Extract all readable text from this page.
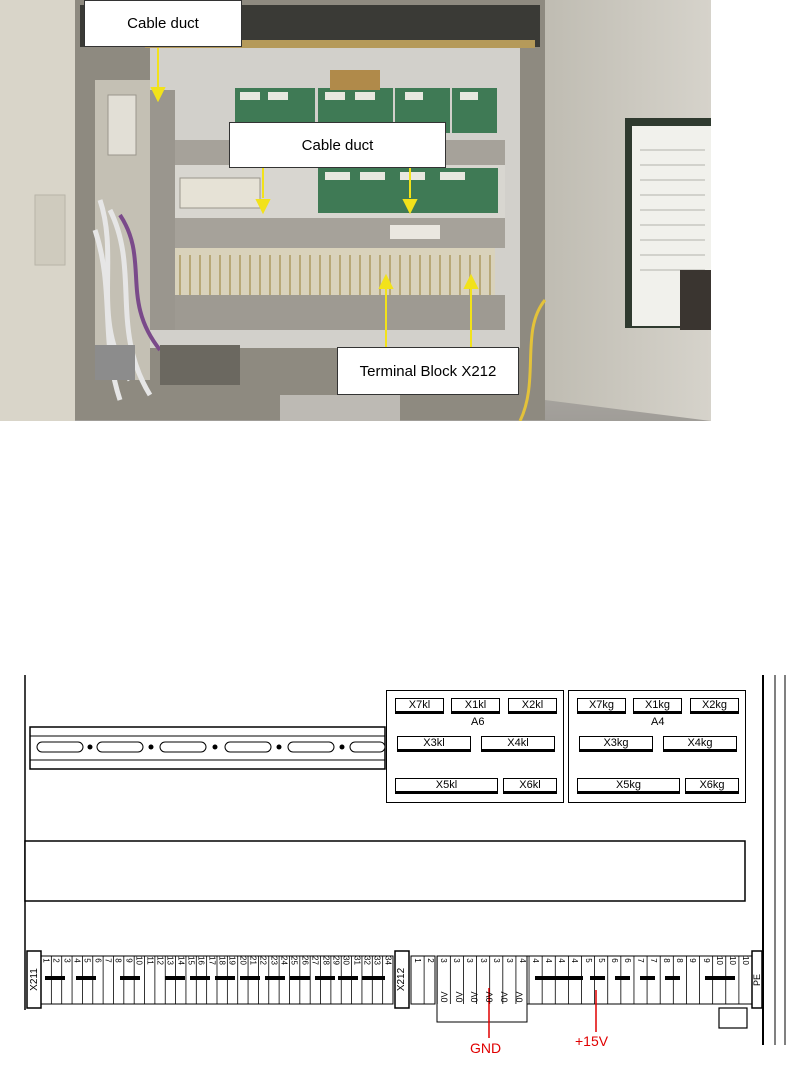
Cable duct
Cable duct
Terminal Block X212
X7kl	X1kl	X2kl
A6
X3kl	X4kl
X5kl	X6kl
X7kg	X1kg	X2kg
A4
X3kg	X4kg
X5kg	X6kg
X211	X212	PE
1 2 3 4 5 6 7 8 9 10 11 12 13 14 15 16 17 18 19 20 21 22 23 24 25 26 27 28 29 30 31 32 33 34	1 2 3 3 3 3 3 3 4 4 4 4 4 5 5 6 6 7 7 8 8 9 9 10 10 10
0V 0V 0V 0V 0V 0V
GND	+15V
